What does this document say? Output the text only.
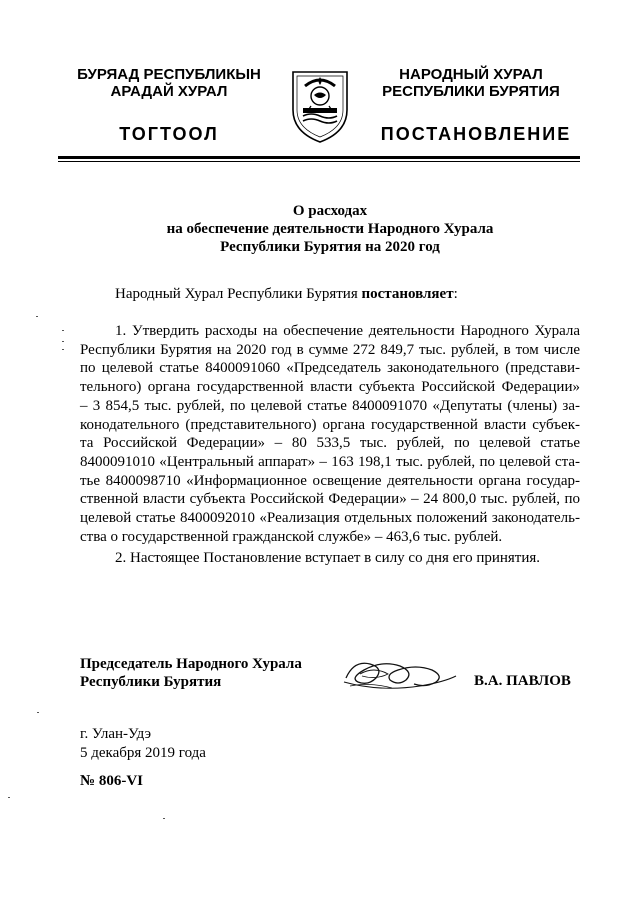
БУРЯАД РЕСПУБЛИКЫН
АРАДАЙ ХУРАЛ
ТОГТООЛ
НАРОДНЫЙ ХУРАЛ
РЕСПУБЛИКИ БУРЯТИЯ
ПОСТАНОВЛЕНИЕ
О расходах
на обеспечение деятельности Народного Хурала
Республики Бурятия на 2020 год
Народный Хурал Республики Бурятия постановляет:
1. Утвердить расходы на обеспечение деятельности Народного Хурала
Республики Бурятия на 2020 год в сумме 272 849,7 тыс. рублей, в том числе
по целевой статье 8400091060 «Председатель законодательного (представи-
тельного) органа государственной власти субъекта Российской Федерации»
– 3 854,5 тыс. рублей, по целевой статье 8400091070 «Депутаты (члены) за-
конодательного (представительного) органа государственной власти субъек-
та Российской Федерации» – 80 533,5 тыс. рублей, по целевой статье
8400091010 «Центральный аппарат» – 163 198,1 тыс. рублей, по целевой ста-
тье 8400098710 «Информационное освещение деятельности органа государ-
ственной власти субъекта Российской Федерации» – 24 800,0 тыс. рублей, по
целевой статье 8400092010 «Реализация отдельных положений законодатель-
ства о государственной гражданской службе» – 463,6 тыс. рублей.
2. Настоящее Постановление вступает в силу со дня его принятия.
Председатель Народного Хурала
Республики Бурятия	В.А. ПАВЛОВ
г. Улан-Удэ
5 декабря 2019 года
№ 806-VI
